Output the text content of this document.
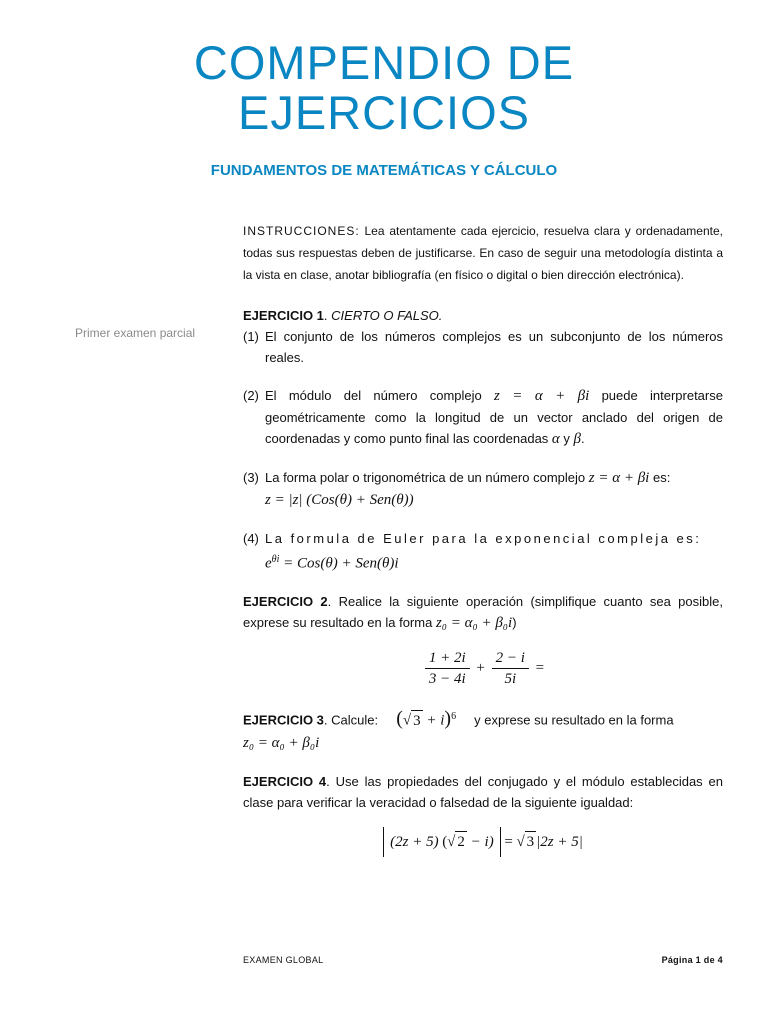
COMPENDIO DE
EJERCICIOS
FUNDAMENTOS DE MATEMÁTICAS Y CÁLCULO
Primer examen parcial
INSTRUCCIONES: Lea atentamente cada ejercicio, resuelva clara y ordenadamente, todas sus respuestas deben de justificarse. En caso de seguir una metodología distinta a la vista en clase, anotar bibliografía (en físico o digital o bien dirección electrónica).
EJERCICIO 1. CIERTO O FALSO.
(1) El conjunto de los números complejos es un subconjunto de los números reales.
(2) El módulo del número complejo z = α + βi puede interpretarse geométricamente como la longitud de un vector anclado del origen de coordenadas y como punto final las coordenadas α y β.
(3) La forma polar o trigonométrica de un número complejo z = α + βi es:
z = |z| (Cos(θ) + Sen(θ))
(4) La formula de Euler para la exponencial compleja es:
$e^{\theta i} = Cos(\theta) + Sen(\theta)i$
EJERCICIO 2. Realice la siguiente operación (simplifique cuanto sea posible, exprese su resultado en la forma z₀ = α₀ + β₀i)
$\frac{1 + 2i}{3 - 4i} + \frac{2 - i}{5i}$ =
EJERCICIO 3. Calcule: (√ 3 + i)$^6$ y exprese su resultado en la forma
z₀ = α₀ + β₀i
EJERCICIO 4. Use las propiedades del conjugado y el módulo establecidas en clase para verificar la veracidad o falsedad de la siguiente igualdad:
(2z + 5) (√ 2 − i) = √ 3 |2z + 5|
EXAMEN GLOBAL	Página 1 de 4
